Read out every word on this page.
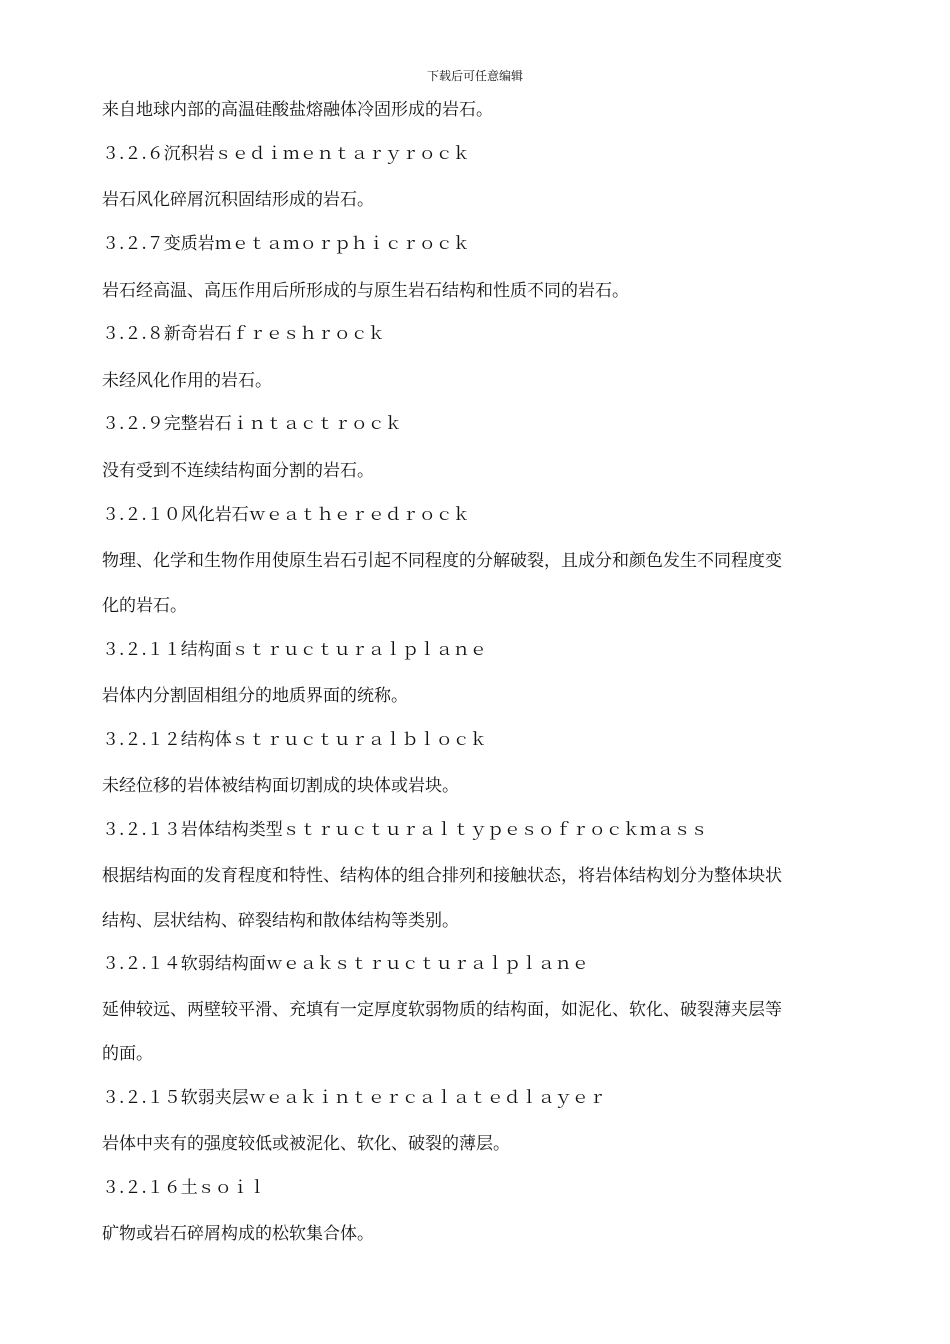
下载后可任意编辑
来自地球内部的高温硅酸盐熔融体冷固形成的岩石。
３.２.６沉积岩ｓｅｄｉｍｅｎｔａｒｙｒｏｃｋ
岩石风化碎屑沉积固结形成的岩石。
３.２.７变质岩ｍｅｔａｍｏｒｐｈｉｃｒｏｃｋ
岩石经高温、高压作用后所形成的与原生岩石结构和性质不同的岩石。
３.２.８新奇岩石ｆｒｅｓｈｒｏｃｋ
未经风化作用的岩石。
３.２.９完整岩石ｉｎｔａｃｔｒｏｃｋ
没有受到不连续结构面分割的岩石。
３.２.１０风化岩石ｗｅａｔｈｅｒｅｄｒｏｃｋ
物理、化学和生物作用使原生岩石引起不同程度的分解破裂，且成分和颜色发生不同程度变
化的岩石。
３.２.１１结构面ｓｔｒｕｃｔｕｒａｌｐｌａｎｅ
岩体内分割固相组分的地质界面的统称。
３.２.１２结构体ｓｔｒｕｃｔｕｒａｌｂｌｏｃｋ
未经位移的岩体被结构面切割成的块体或岩块。
３.２.１３岩体结构类型ｓｔｒｕｃｔｕｒａｌｔｙｐｅｓｏｆｒｏｃｋｍａｓｓ
根据结构面的发育程度和特性、结构体的组合排列和接触状态，将岩体结构划分为整体块状
结构、层状结构、碎裂结构和散体结构等类别。
３.２.１４软弱结构面ｗｅａｋｓｔｒｕｃｔｕｒａｌｐｌａｎｅ
延伸较远、两壁较平滑、充填有一定厚度软弱物质的结构面，如泥化、软化、破裂薄夹层等
的面。
３.２.１５软弱夹层ｗｅａｋｉｎｔｅｒｃａｌａｔｅｄｌａｙｅｒ
岩体中夹有的强度较低或被泥化、软化、破裂的薄层。
３.２.１６土ｓｏｉｌ
矿物或岩石碎屑构成的松软集合体。
